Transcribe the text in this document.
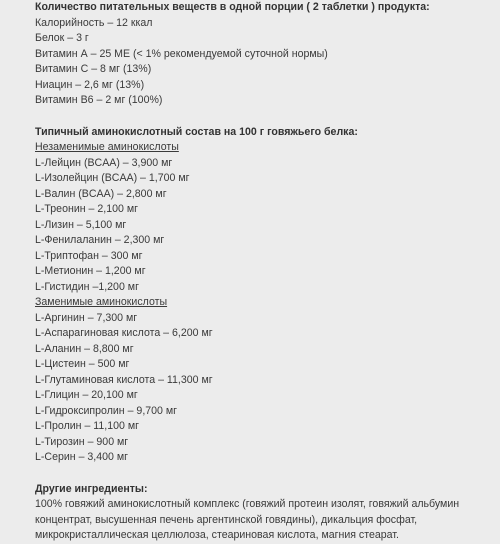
Количество питательных веществ в одной порции ( 2 таблетки ) продукта:
Калорийность – 12 ккал
Белок – 3 г
Витамин А – 25 МЕ (< 1% рекомендуемой суточной нормы)
Витамин С – 8 мг (13%)
Ниацин – 2,6 мг (13%)
Витамин В6 – 2 мг (100%)
Типичный аминокислотный состав на 100 г говяжьего белка:
Незаменимые аминокислоты
L-Лейцин (BCAA) – 3,900 мг
L-Изолейцин (BCAA) – 1,700 мг
L-Валин (BCAA) – 2,800 мг
L-Треонин – 2,100 мг
L-Лизин – 5,100 мг
L-Фенилаланин – 2,300 мг
L-Триптофан – 300 мг
L-Метионин – 1,200 мг
L-Гистидин –1,200 мг
Заменимые аминокислоты
L-Аргинин – 7,300 мг
L-Аспарагиновая кислота – 6,200 мг
L-Аланин – 8,800 мг
L-Цистеин – 500 мг
L-Глутаминовая кислота – 11,300 мг
L-Глицин – 20,100 мг
L-Гидроксипролин – 9,700 мг
L-Пролин – 11,100 мг
L-Тирозин – 900 мг
L-Серин – 3,400 мг
Другие ингредиенты:
100% говяжий аминокислотный комплекс (говяжий протеин изолят, говяжий альбумин
концентрат, высушенная печень аргентинской говядины), дикальция фосфат,
микрокристаллическая целлюлоза, стеариновая кислота, магния стеарат.
